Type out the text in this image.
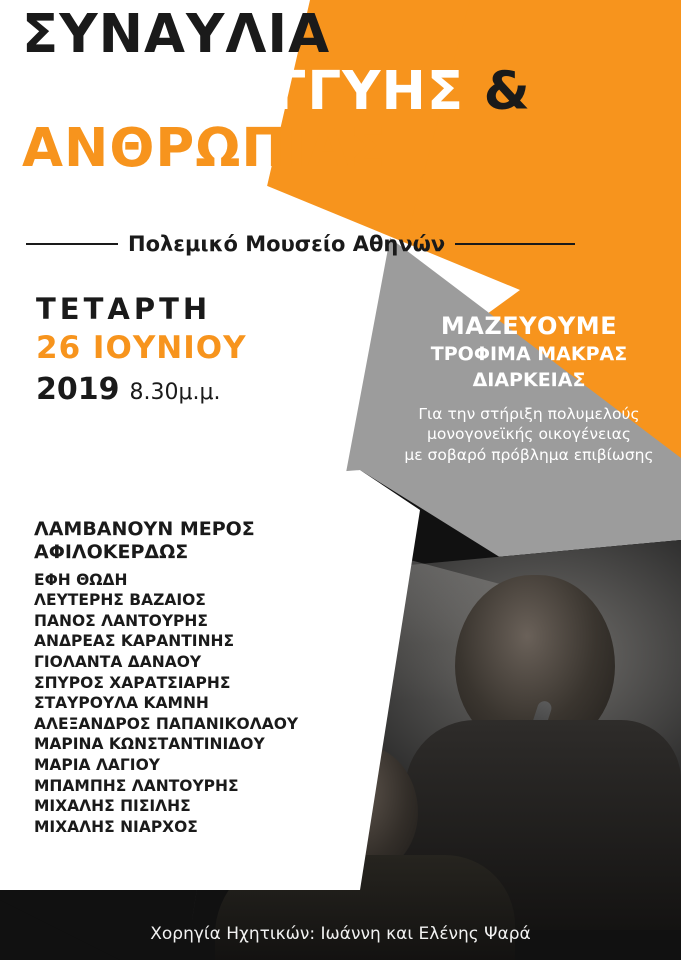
ΣΥΝΑΥΛΙΑ
ΑΛΛΗΛΕΓΓΥΗΣ &
ΑΝΘΡΩΠΙΑΣ
Πολεμικό Μουσείο Αθηνών
ΤΕΤΑΡΤΗ
26 ΙΟΥΝΙΟΥ
2019 8.30μ.μ.
ΜΑΖΕΥΟΥΜΕ
ΤΡΟΦΙΜΑ ΜΑΚΡΑΣ
ΔΙΑΡΚΕΙΑΣ
Για την στήριξη πολυμελούς
μονογονεϊκής οικογένειας
με σοβαρό πρόβλημα επιβίωσης
ΛΑΜΒΑΝΟΥΝ ΜΕΡΟΣ
ΑΦΙΛΟΚΕΡΔΩΣ
ΕΦΗ ΘΩΔΗ
ΛΕΥΤΕΡΗΣ ΒΑΖΑΙΟΣ
ΠΑΝΟΣ ΛΑΝΤΟΥΡΗΣ
ΑΝΔΡΕΑΣ ΚΑΡΑΝΤΙΝΗΣ
ΓΙΟΛΑΝΤΑ ΔΑΝΑΟΥ
ΣΠΥΡΟΣ ΧΑΡΑΤΣΙΑΡΗΣ
ΣΤΑΥΡΟΥΛΑ ΚΑΜΝΗ
ΑΛΕΞΑΝΔΡΟΣ ΠΑΠΑΝΙΚΟΛΑΟΥ
ΜΑΡΙΝΑ ΚΩΝΣΤΑΝΤΙΝΙΔΟΥ
ΜΑΡΙΑ ΛΑΓΙΟΥ
ΜΠΑΜΠΗΣ ΛΑΝΤΟΥΡΗΣ
ΜΙΧΑΛΗΣ ΠΙΣΙΛΗΣ
ΜΙΧΑΛΗΣ ΝΙΑΡΧΟΣ
Χορηγία Ηχητικών: Ιωάννη και Ελένης Ψαρά
